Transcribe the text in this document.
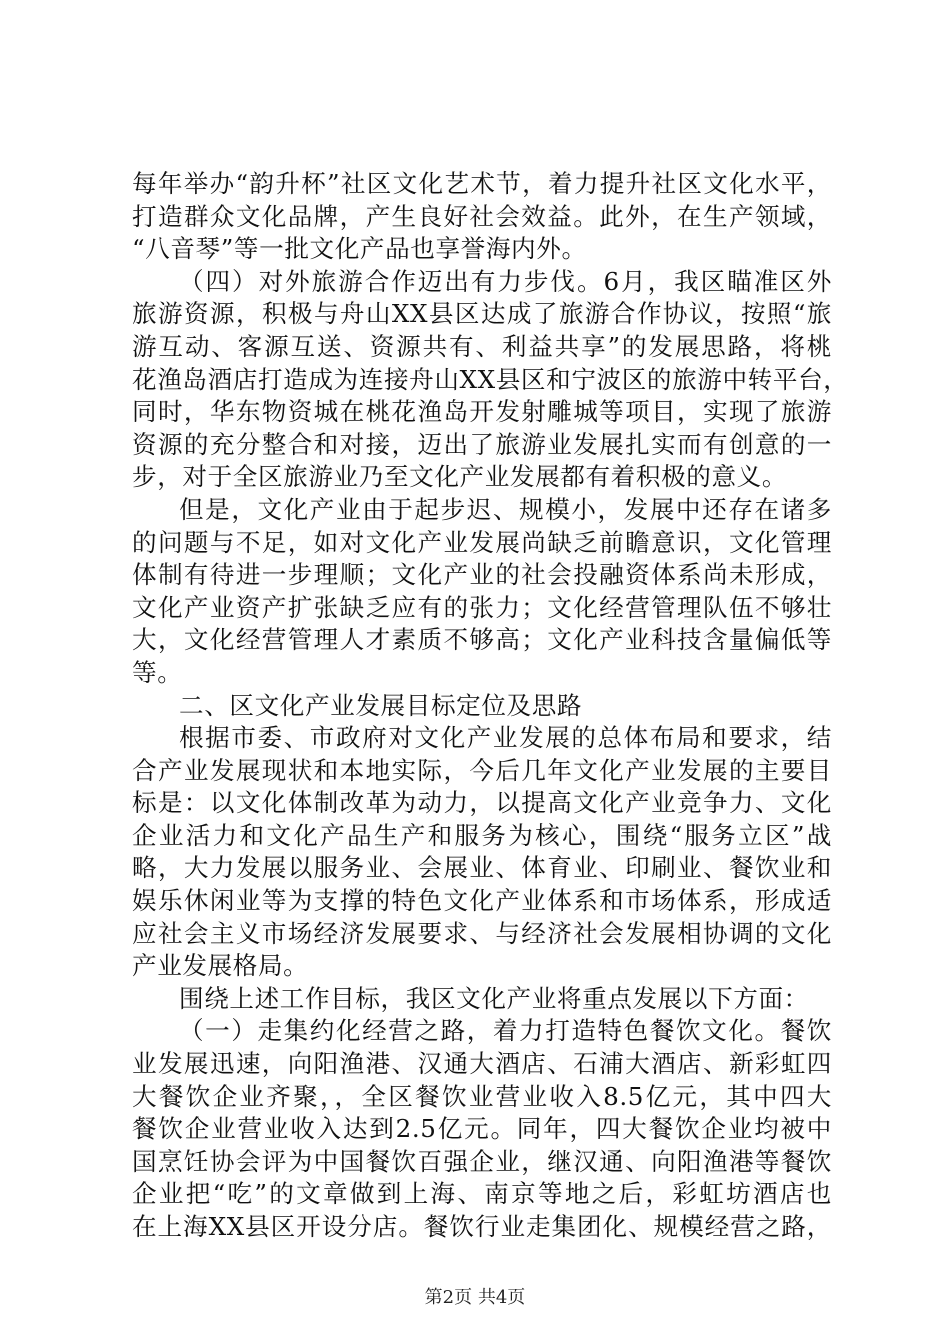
每年举办“韵升杯”社区文化艺术节，着力提升社区文化水平，
打造群众文化品牌，产生良好社会效益。此外，在生产领域，
“八音琴”等一批文化产品也享誉海内外。
（四）对外旅游合作迈出有力步伐。6月，我区瞄准区外
旅游资源，积极与舟山XX县区达成了旅游合作协议，按照“旅
游互动、客源互送、资源共有、利益共享”的发展思路，将桃
花渔岛酒店打造成为连接舟山XX县区和宁波区的旅游中转平台，
同时，华东物资城在桃花渔岛开发射雕城等项目，实现了旅游
资源的充分整合和对接，迈出了旅游业发展扎实而有创意的一
步，对于全区旅游业乃至文化产业发展都有着积极的意义。
但是，文化产业由于起步迟、规模小，发展中还存在诸多
的问题与不足，如对文化产业发展尚缺乏前瞻意识，文化管理
体制有待进一步理顺；文化产业的社会投融资体系尚未形成，
文化产业资产扩张缺乏应有的张力；文化经营管理队伍不够壮
大，文化经营管理人才素质不够高；文化产业科技含量偏低等
等。
二、区文化产业发展目标定位及思路
根据市委、市政府对文化产业发展的总体布局和要求，结
合产业发展现状和本地实际，今后几年文化产业发展的主要目
标是：以文化体制改革为动力，以提高文化产业竞争力、文化
企业活力和文化产品生产和服务为核心，围绕“服务立区”战
略，大力发展以服务业、会展业、体育业、印刷业、餐饮业和
娱乐休闲业等为支撑的特色文化产业体系和市场体系，形成适
应社会主义市场经济发展要求、与经济社会发展相协调的文化
产业发展格局。
围绕上述工作目标，我区文化产业将重点发展以下方面：
（一）走集约化经营之路，着力打造特色餐饮文化。餐饮
业发展迅速，向阳渔港、汉通大酒店、石浦大酒店、新彩虹四
大餐饮企业齐聚，，全区餐饮业营业收入8.5亿元，其中四大
餐饮企业营业收入达到2.5亿元。同年，四大餐饮企业均被中
国烹饪协会评为中国餐饮百强企业，继汉通、向阳渔港等餐饮
企业把“吃”的文章做到上海、南京等地之后，彩虹坊酒店也
在上海XX县区开设分店。餐饮行业走集团化、规模经营之路，
第2页 共4页
